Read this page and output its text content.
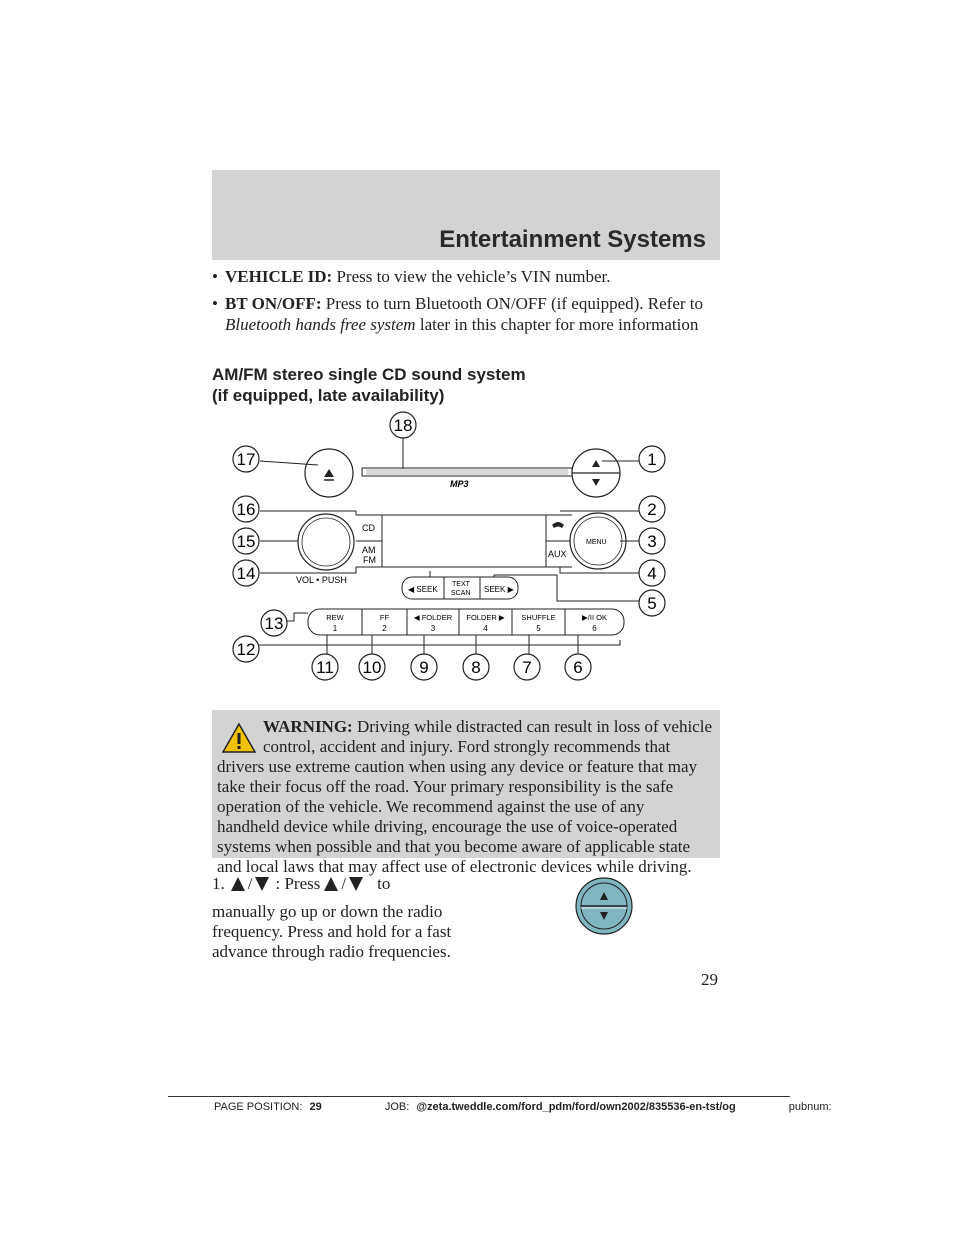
Entertainment Systems
• VEHICLE ID: Press to view the vehicle’s VIN number.
• BT ON/OFF: Press to turn Bluetooth ON/OFF (if equipped). Refer to Bluetooth hands free system later in this chapter for more information
AM/FM stereo single CD sound system
(if equipped, late availability)
MP3
CD
AM
FM
AUX
VOL • PUSH
MENU
◀ SEEK
TEXT
SCAN SEEK ▶
REW
1
FF
2
◀ FOLDER
3
FOLDER ▶
4
SHUFFLE
5
▶/II OK
6
1
2
3
4
5
6
7
8
9
10
11
12
13
14
15
16
17
18
WARNING: Driving while distracted can result in loss of vehicle
control, accident and injury. Ford strongly recommends that
drivers use extreme caution when using any device or feature that may
take their focus off the road. Your primary responsibility is the safe
operation of the vehicle. We recommend against the use of any
handheld device while driving, encourage the use of voice-operated
systems when possible and that you become aware of applicable state
and local laws that may affect use of electronic devices while driving.
1. / : Press / to
manually go up or down the radio frequency. Press and hold for a fast advance through radio frequencies.
29
PAGE POSITION: 29	JOB: @zeta.tweddle.com/ford_pdm/ford/own2002/835536-en-tst/og	pubnum:
